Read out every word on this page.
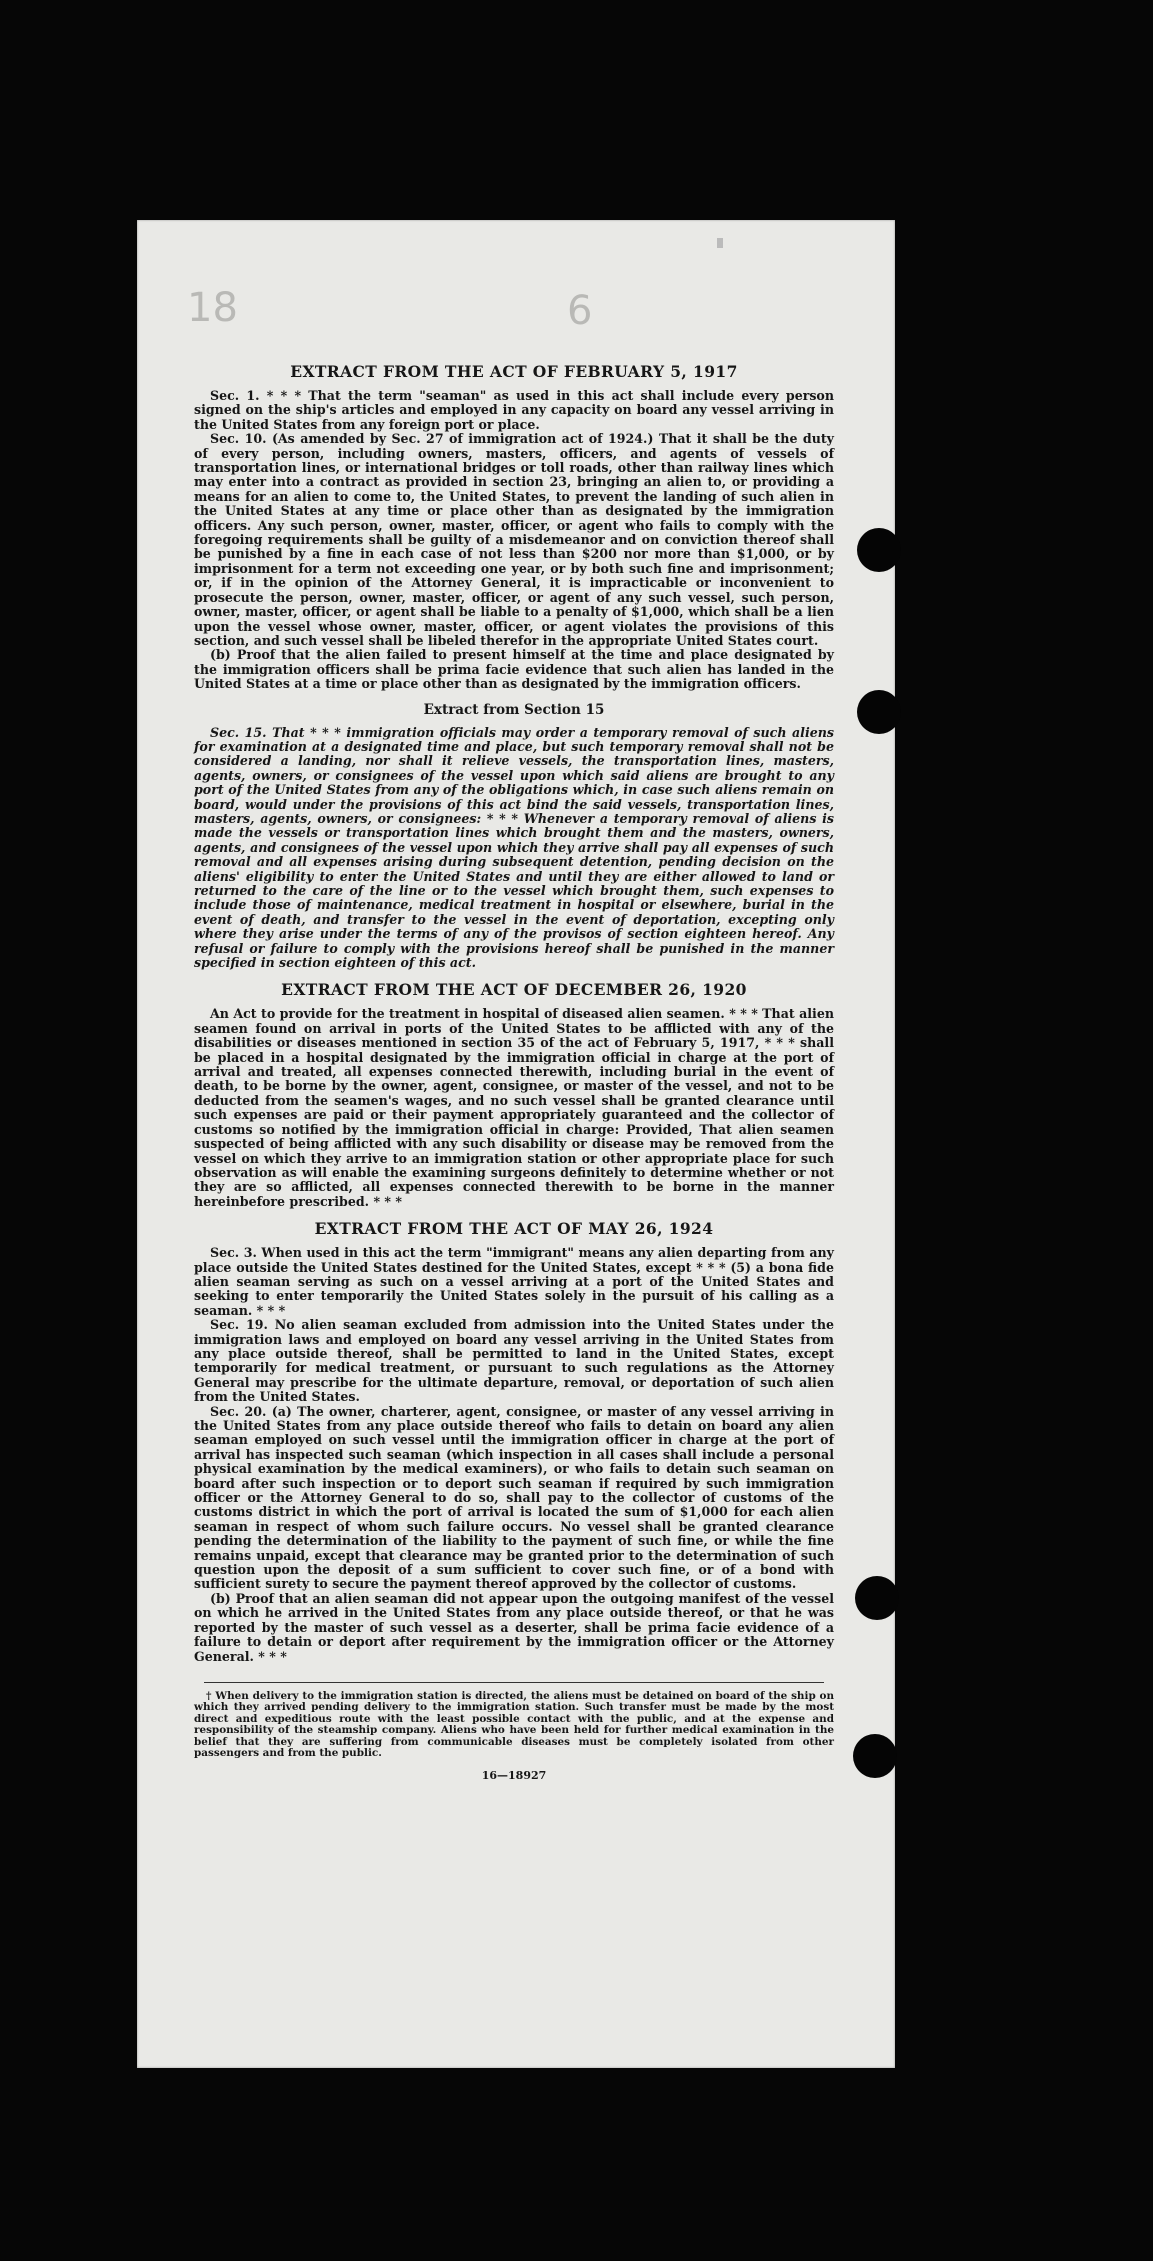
18	6
EXTRACT FROM THE ACT OF FEBRUARY 5, 1917

Sec. 1. * * * That the term "seaman" as used in this act shall include every person signed on the ship's articles and employed in any capacity on board any vessel arriving in the United States from any foreign port or place.

Sec. 10. (As amended by Sec. 27 of immigration act of 1924.) That it shall be the duty of every person, including owners, masters, officers, and agents of vessels of transportation lines, or international bridges or toll roads, other than railway lines which may enter into a contract as provided in section 23, bringing an alien to, or providing a means for an alien to come to, the United States, to prevent the landing of such alien in the United States at any time or place other than as designated by the immigration officers. Any such person, owner, master, officer, or agent who fails to comply with the foregoing requirements shall be guilty of a misdemeanor and on conviction thereof shall be punished by a fine in each case of not less than $200 nor more than $1,000, or by imprisonment for a term not exceeding one year, or by both such fine and imprisonment; or, if in the opinion of the Attorney General, it is impracticable or inconvenient to prosecute the person, owner, master, officer, or agent of any such vessel, such person, owner, master, officer, or agent shall be liable to a penalty of $1,000, which shall be a lien upon the vessel whose owner, master, officer, or agent violates the provisions of this section, and such vessel shall be libeled therefor in the appropriate United States court.

(b) Proof that the alien failed to present himself at the time and place designated by the immigration officers shall be prima facie evidence that such alien has landed in the United States at a time or place other than as designated by the immigration officers.

Extract from Section 15

Sec. 15. That * * * immigration officials may order a temporary removal of such aliens for examination at a designated time and place, but such temporary removal shall not be considered a landing, nor shall it relieve vessels, the transportation lines, masters, agents, owners, or consignees of the vessel upon which said aliens are brought to any port of the United States from any of the obligations which, in case such aliens remain on board, would under the provisions of this act bind the said vessels, transportation lines, masters, agents, owners, or consignees: * * * Whenever a temporary removal of aliens is made the vessels or transportation lines which brought them and the masters, owners, agents, and consignees of the vessel upon which they arrive shall pay all expenses of such removal and all expenses arising during subsequent detention, pending decision on the aliens' eligibility to enter the United States and until they are either allowed to land or returned to the care of the line or to the vessel which brought them, such expenses to include those of maintenance, medical treatment in hospital or elsewhere, burial in the event of death, and transfer to the vessel in the event of deportation, excepting only where they arise under the terms of any of the provisos of section eighteen hereof. Any refusal or failure to comply with the provisions hereof shall be punished in the manner specified in section eighteen of this act.

EXTRACT FROM THE ACT OF DECEMBER 26, 1920

An Act to provide for the treatment in hospital of diseased alien seamen. * * * That alien seamen found on arrival in ports of the United States to be afflicted with any of the disabilities or diseases mentioned in section 35 of the act of February 5, 1917, * * * shall be placed in a hospital designated by the immigration official in charge at the port of arrival and treated, all expenses connected therewith, including burial in the event of death, to be borne by the owner, agent, consignee, or master of the vessel, and not to be deducted from the seamen's wages, and no such vessel shall be granted clearance until such expenses are paid or their payment appropriately guaranteed and the collector of customs so notified by the immigration official in charge: Provided, That alien seamen suspected of being afflicted with any such disability or disease may be removed from the vessel on which they arrive to an immigration station or other appropriate place for such observation as will enable the examining surgeons definitely to determine whether or not they are so afflicted, all expenses connected therewith to be borne in the manner hereinbefore prescribed. * * *

EXTRACT FROM THE ACT OF MAY 26, 1924

Sec. 3. When used in this act the term "immigrant" means any alien departing from any place outside the United States destined for the United States, except * * * (5) a bona fide alien seaman serving as such on a vessel arriving at a port of the United States and seeking to enter temporarily the United States solely in the pursuit of his calling as a seaman. * * *

Sec. 19. No alien seaman excluded from admission into the United States under the immigration laws and employed on board any vessel arriving in the United States from any place outside thereof, shall be permitted to land in the United States, except temporarily for medical treatment, or pursuant to such regulations as the Attorney General may prescribe for the ultimate departure, removal, or deportation of such alien from the United States.

Sec. 20. (a) The owner, charterer, agent, consignee, or master of any vessel arriving in the United States from any place outside thereof who fails to detain on board any alien seaman employed on such vessel until the immigration officer in charge at the port of arrival has inspected such seaman (which inspection in all cases shall include a personal physical examination by the medical examiners), or who fails to detain such seaman on board after such inspection or to deport such seaman if required by such immigration officer or the Attorney General to do so, shall pay to the collector of customs of the customs district in which the port of arrival is located the sum of $1,000 for each alien seaman in respect of whom such failure occurs. No vessel shall be granted clearance pending the determination of the liability to the payment of such fine, or while the fine remains unpaid, except that clearance may be granted prior to the determination of such question upon the deposit of a sum sufficient to cover such fine, or of a bond with sufficient surety to secure the payment thereof approved by the collector of customs.

(b) Proof that an alien seaman did not appear upon the outgoing manifest of the vessel on which he arrived in the United States from any place outside thereof, or that he was reported by the master of such vessel as a deserter, shall be prima facie evidence of a failure to detain or deport after requirement by the immigration officer or the Attorney General. * * *

† When delivery to the immigration station is directed, the aliens must be detained on board of the ship on which they arrived pending delivery to the immigration station. Such transfer must be made by the most direct and expeditious route with the least possible contact with the public, and at the expense and responsibility of the steamship company. Aliens who have been held for further medical examination in the belief that they are suffering from communicable diseases must be completely isolated from other passengers and from the public.

16—18927
